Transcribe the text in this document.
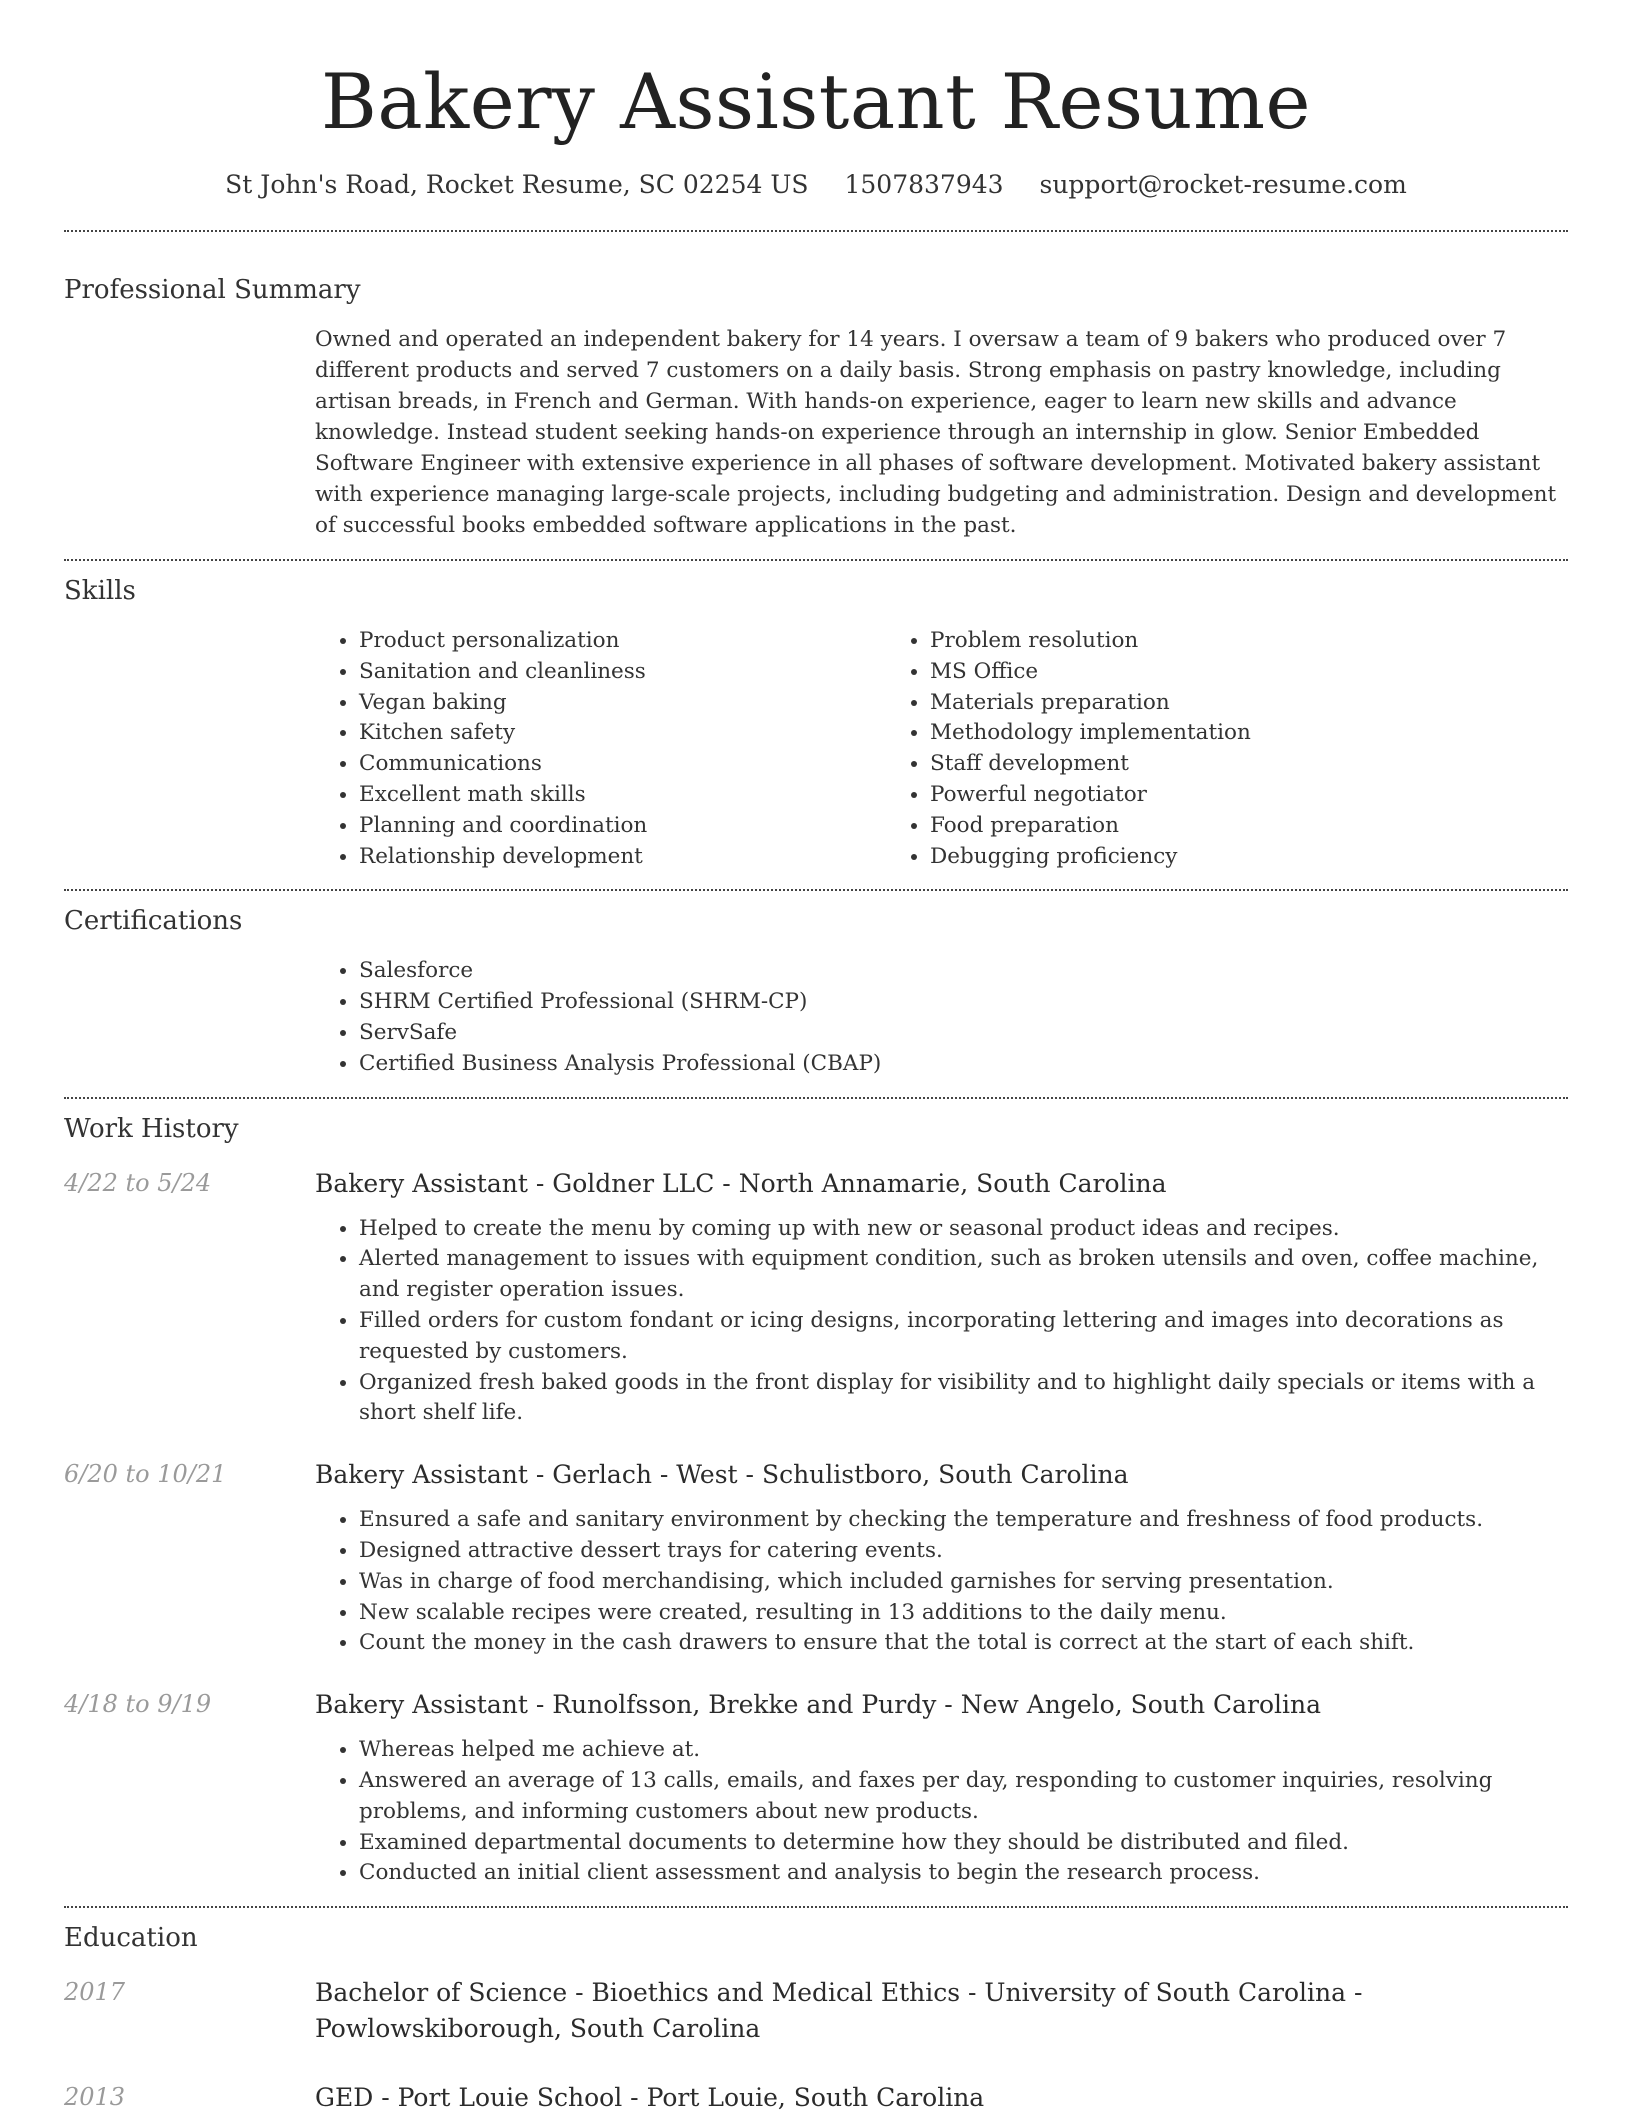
Bakery Assistant Resume
St John's Road, Rocket Resume, SC 02254 US 1507837943 support@rocket-resume.com
Professional Summary

Owned and operated an independent bakery for 14 years. I oversaw a team of 9 bakers who produced over 7 different products and served 7 customers on a daily basis. Strong emphasis on pastry knowledge, including artisan breads, in French and German. With hands-on experience, eager to learn new skills and advance knowledge. Instead student seeking hands-on experience through an internship in glow. Senior Embedded Software Engineer with extensive experience in all phases of software development. Motivated bakery assistant with experience managing large-scale projects, including budgeting and administration. Design and development of successful books embedded software applications in the past.

Skills
• Product personalization
• Sanitation and cleanliness
• Vegan baking
• Kitchen safety
• Communications
• Excellent math skills
• Planning and coordination
• Relationship development
• Problem resolution
• MS Office
• Materials preparation
• Methodology implementation
• Staff development
• Powerful negotiator
• Food preparation
• Debugging proficiency
Certifications
• Salesforce
• SHRM Certified Professional (SHRM-CP)
• ServSafe
• Certified Business Analysis Professional (CBAP)
Work History
4/22 to 5/24	Bakery Assistant - Goldner LLC - North Annamarie, South Carolina
• Helped to create the menu by coming up with new or seasonal product ideas and recipes.
• Alerted management to issues with equipment condition, such as broken utensils and oven, coffee machine, and register operation issues.
• Filled orders for custom fondant or icing designs, incorporating lettering and images into decorations as requested by customers.
• Organized fresh baked goods in the front display for visibility and to highlight daily specials or items with a short shelf life.
6/20 to 10/21	Bakery Assistant - Gerlach - West - Schulistboro, South Carolina
• Ensured a safe and sanitary environment by checking the temperature and freshness of food products.
• Designed attractive dessert trays for catering events.
• Was in charge of food merchandising, which included garnishes for serving presentation.
• New scalable recipes were created, resulting in 13 additions to the daily menu.
• Count the money in the cash drawers to ensure that the total is correct at the start of each shift.
4/18 to 9/19	Bakery Assistant - Runolfsson, Brekke and Purdy - New Angelo, South Carolina
• Whereas helped me achieve at.
• Answered an average of 13 calls, emails, and faxes per day, responding to customer inquiries, resolving problems, and informing customers about new products.
• Examined departmental documents to determine how they should be distributed and filed.
• Conducted an initial client assessment and analysis to begin the research process.
Education
2017	Bachelor of Science - Bioethics and Medical Ethics - University of South Carolina - Powlowskiborough, South Carolina
2013	GED - Port Louie School - Port Louie, South Carolina
